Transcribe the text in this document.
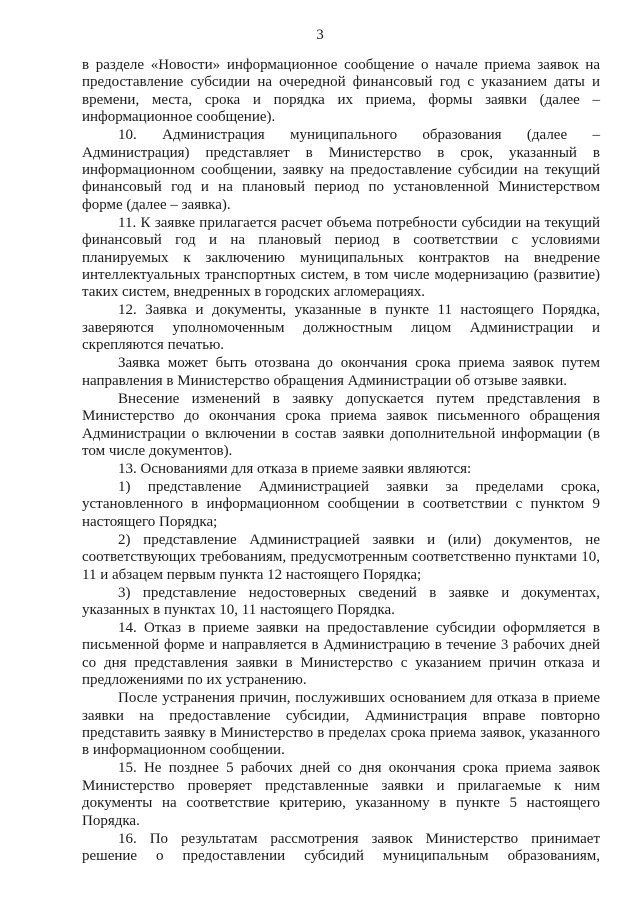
3

в разделе «Новости» информационное сообщение о начале приема заявок на предоставление субсидии на очередной финансовый год с указанием даты и времени, места, срока и порядка их приема, формы заявки (далее – информационное сообщение).

10. Администрация муниципального образования (далее – Администрация) представляет в Министерство в срок, указанный в информационном сообщении, заявку на предоставление субсидии на текущий финансовый год и на плановый период по установленной Министерством форме (далее – заявка).

11. К заявке прилагается расчет объема потребности субсидии на текущий финансовый год и на плановый период в соответствии с условиями планируемых к заключению муниципальных контрактов на внедрение интеллектуальных транспортных систем, в том числе модернизацию (развитие) таких систем, внедренных в городских агломерациях.

12. Заявка и документы, указанные в пункте 11 настоящего Порядка, заверяются уполномоченным должностным лицом Администрации и скрепляются печатью.

Заявка может быть отозвана до окончания срока приема заявок путем направления в Министерство обращения Администрации об отзыве заявки.

Внесение изменений в заявку допускается путем представления в Министерство до окончания срока приема заявок письменного обращения Администрации о включении в состав заявки дополнительной информации (в том числе документов).

13. Основаниями для отказа в приеме заявки являются:

1) представление Администрацией заявки за пределами срока, установленного в информационном сообщении в соответствии с пунктом 9 настоящего Порядка;

2) представление Администрацией заявки и (или) документов, не соответствующих требованиям, предусмотренным соответственно пунктами 10, 11 и абзацем первым пункта 12 настоящего Порядка;

3) представление недостоверных сведений в заявке и документах, указанных в пунктах 10, 11 настоящего Порядка.

14. Отказ в приеме заявки на предоставление субсидии оформляется в письменной форме и направляется в Администрацию в течение 3 рабочих дней со дня представления заявки в Министерство с указанием причин отказа и предложениями по их устранению.

После устранения причин, послуживших основанием для отказа в приеме заявки на предоставление субсидии, Администрация вправе повторно представить заявку в Министерство в пределах срока приема заявок, указанного в информационном сообщении.

15. Не позднее 5 рабочих дней со дня окончания срока приема заявок Министерство проверяет представленные заявки и прилагаемые к ним документы на соответствие критерию, указанному в пункте 5 настоящего Порядка.

16. По результатам рассмотрения заявок Министерство принимает решение о предоставлении субсидий муниципальным образованиям,
